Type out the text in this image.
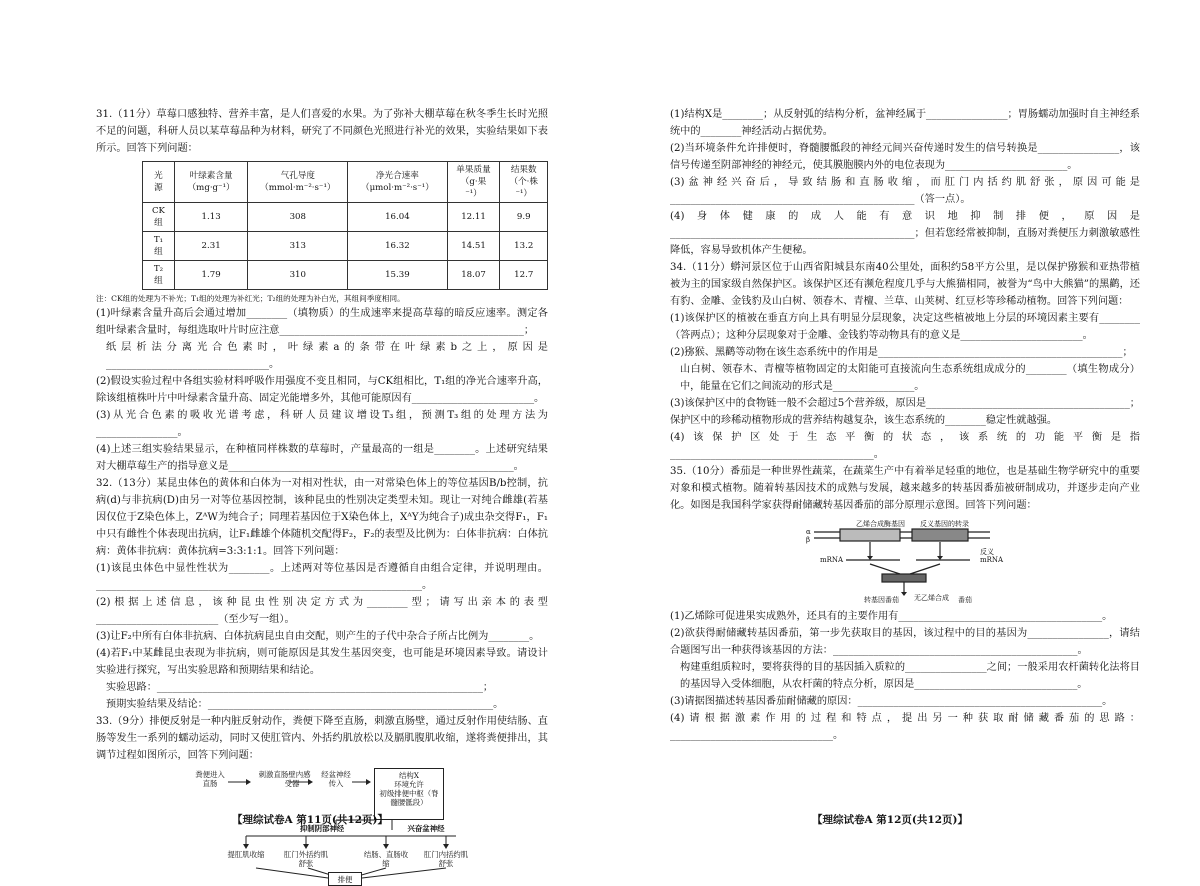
31.（11分）草莓口感独特、营养丰富，是人们喜爱的水果。为了弥补大棚草莓在秋冬季生长时光照不足的问题，科研人员以某草莓品种为材料，研究了不同颜色光照进行补光的效果，实验结果如下表所示。回答下列问题：

光源	叶绿素含量（mg·g⁻¹）	气孔导度（mmol·m⁻²·s⁻¹）	净光合速率（μmol·m⁻²·s⁻¹）	单果质量（g·果⁻¹）	结果数（个·株⁻¹）
CK组	1.13	308	16.04	12.11	9.9
T₁组	2.31	313	16.32	14.51	13.2
T₂组	1.79	310	15.39	18.07	12.7

注：CK组的处理为不补光；T₁组的处理为补红光；T₂组的处理为补白光，其组间季度相同。

(1)叶绿素含量升高后会通过增加________（填物质）的生成速率来提高草莓的暗反应速率。测定各组叶绿素含量时，每组选取叶片时应注意________________________________________________；

纸层析法分离光合色素时，叶绿素a的条带在叶绿素b之上，原因是________________________________。

(2)假设实验过程中各组实验材料呼吸作用强度不变且相同，与CK组相比，T₁组的净光合速率升高，除该组植株叶片中叶绿素含量升高、固定光能增多外，其他可能原因有________________________。

(3)从光合色素的吸收光谱考虑，科研人员建议增设T₃组，预测T₃组的处理方法为________________。

(4)上述三组实验结果显示，在种植同样株数的草莓时，产量最高的一组是________。上述研究结果对大棚草莓生产的指导意义是________________________________________________________。

32.（13分）某昆虫体色的黄体和白体为一对相对性状，由一对常染色体上的等位基因B/b控制，抗病(d)与非抗病(D)由另一对等位基因控制，该种昆虫的性别决定类型未知。现让一对纯合雌雄(若基因仅位于Z染色体上，ZᴬW为纯合子；同理若基因位于X染色体上，XᴬY为纯合子)成虫杂交得F₁，F₁中只有雌性个体表现出抗病，让F₁雌雄个体随机交配得F₂，F₂的表型及比例为：白体非抗病：白体抗病：黄体非抗病：黄体抗病=3:3:1:1。回答下列问题：

(1)该昆虫体色中显性性状为________。上述两对等位基因是否遵循自由组合定律，并说明理由。________________________________________________________________。

(2)根据上述信息，该种昆虫性别决定方式为________型；请写出亲本的表型________________________（至少写一组）。

(3)让F₂中所有白体非抗病、白体抗病昆虫自由交配，则产生的子代中杂合子所占比例为________。

(4)若F₁中某雌昆虫表现为非抗病，则可能原因是其发生基因突变，也可能是环境因素导致。请设计实验进行探究，写出实验思路和预期结果和结论。

实验思路：________________________________________________________________；

预期实验结果及结论：________________________________________________________。

33.（9分）排便反射是一种内脏反射动作，粪便下降至直肠，刺激直肠壁，通过反射作用使结肠、直肠等发生一系列的蠕动运动，同时又使肛管内、外括约肌放松以及膈肌腹肌收缩，遂将粪便排出，其调节过程如图所示，回答下列问题：

粪便进入直肠
刺激 直肠壁内感受器
经盆神经传入
结构X
环境允许
初级排便中枢（脊髓腰骶段）
抑制阴部神经	兴奋盆神经
提肛肌收缩	肛门外括约肌舒张
结肠、直肠收缩
肛门内括约肌舒张
排便
【理综试卷A 第11页(共12页)】

(1)结构X是________；从反射弧的结构分析，盆神经属于________________；胃肠蠕动加强时自主神经系统中的________神经活动占据优势。

(2)当环境条件允许排便时，脊髓腰骶段的神经元间兴奋传递时发生的信号转换是________________，该信号传递至阴部神经的神经元，使其膜胞膜内外的电位表现为________________________。

(3)盆神经兴奋后，导致结肠和直肠收缩，而肛门内括约肌舒张，原因可能是________________________________________________（答一点）。

(4)身体健康的成人能有意识地抑制排便，原因是________________________________________________；但若您经常被抑制，直肠对粪便压力刺激敏感性降低，容易导致机体产生便秘。

34.（11分）蟒河景区位于山西省阳城县东南40公里处，面积约58平方公里，是以保护猕猴和亚热带植被为主的国家级自然保护区。该保护区还有濒危程度几乎与大熊猫相同，被誉为“鸟中大熊猫”的黑鹳，还有豹、金雕、金钱豹及山白树、领春木、青檀、兰草、山荚树、红豆杉等珍稀动植物。回答下列问题：

(1)该保护区的植被在垂直方向上具有明显分层现象，决定这些植被地上分层的环境因素主要有________（答两点）；这种分层现象对于金雕、金钱豹等动物具有的意义是________________________。

(2)猕猴、黑鹳等动物在该生态系统中的作用是________________________________________________；

山白树、领春木、青檀等植物固定的太阳能可直接流向生态系统组成成分的________（填生物成分）中，能量在它们之间流动的形式是________________。

(3)该保护区中的食物链一般不会超过5个营养级，原因是________________________________________；保护区中的珍稀动植物形成的营养结构越复杂，该生态系统的________稳定性就越强。

(4)该保护区处于生态平衡的状态，该系统的功能平衡是指________________________________________。

35.（10分）番茄是一种世界性蔬菜，在蔬菜生产中有着举足轻重的地位，也是基础生物学研究中的重要对象和模式植物。随着转基因技术的成熟与发展，越来越多的转基因番茄被研制成功，并逐步走向产业化。如图是我国科学家获得耐储藏转基因番茄的部分原理示意图。回答下列问题：

乙烯合成酶基因 反义基因的转录
α
β
反义
mRNA
mRNA
转基因番茄 无乙烯合成 番茄

(1)乙烯除可促进果实成熟外，还具有的主要作用有________________________________________。

(2)欲获得耐储藏转基因番茄，第一步先获取目的基因，该过程中的目的基因为________________，请结合题图写出一种获得该基因的方法：________________________________________________。

构建重组质粒时，要将获得的目的基因插入质粒的________________之间；一般采用农杆菌转化法将目的基因导入受体细胞，从农杆菌的特点分析，原因是________________________________。

(3)请据图描述转基因番茄耐储藏的原因：________________________________________________。

(4)请根据激素作用的过程和特点，提出另一种获取耐储藏番茄的思路：________________________________。

【理综试卷A 第12页(共12页)】
